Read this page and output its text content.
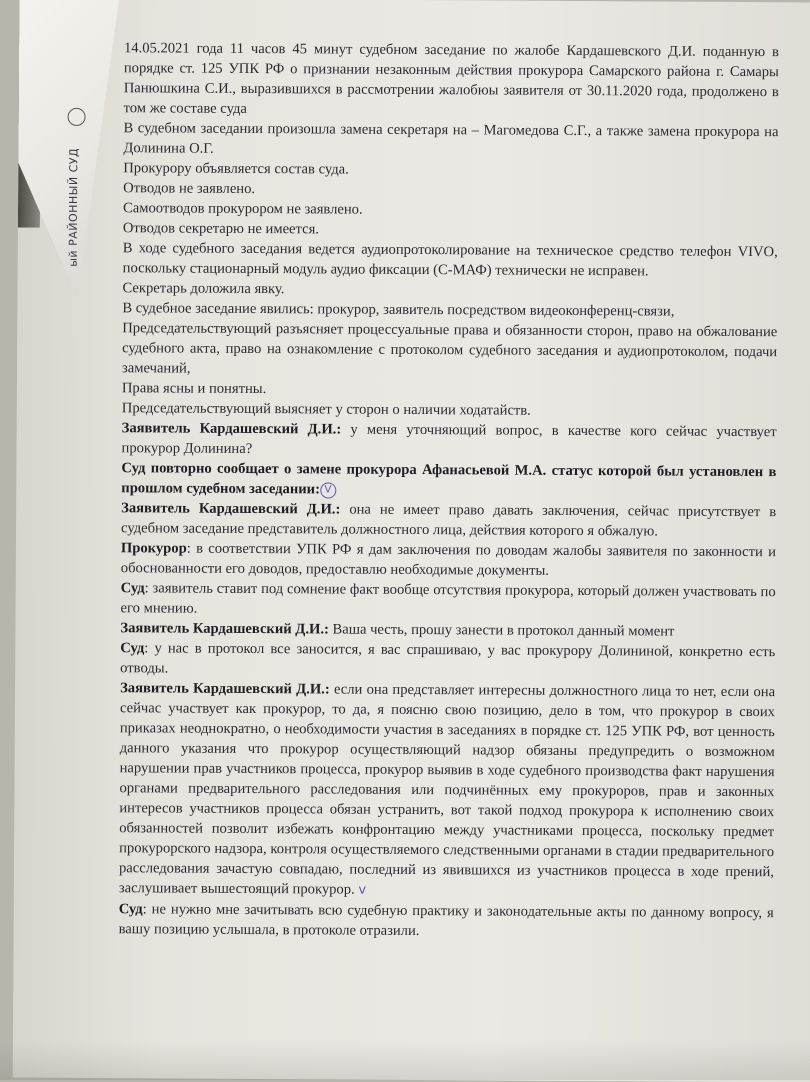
ый РАЙОННЫЙ СУД

14.05.2021 года 11 часов 45 минут судебном заседание по жалобе Кардашевского Д.И. поданную в порядке ст. 125 УПК РФ о признании незаконным действия прокурора Самарского района г. Самары Панюшкина С.И., выразившихся в рассмотрении жалобюы заявителя от 30.11.2020 года, продолжено в том же составе суда

В судебном заседании произошла замена секретаря на – Магомедова С.Г., а также замена прокурора на Долинина О.Г.

Прокурору объявляется состав суда.

Отводов не заявлено.

Самоотводов прокурором не заявлено.

Отводов секретарю не имеется.

В ходе судебного заседания ведется аудиопротоколирование на техническое средство телефон VIVO, поскольку стационарный модуль аудио фиксации (С-МАФ) технически не исправен.

Секретарь доложила явку.

В судебное заседание явились: прокурор, заявитель посредством видеоконференц-связи,

Председательствующий разъясняет процессуальные права и обязанности сторон, право на обжалование судебного акта, право на ознакомление с протоколом судебного заседания и аудиопротоколом, подачи замечаний,

Права ясны и понятны.

Председательствующий выясняет у сторон о наличии ходатайств.

Заявитель Кардашевский Д.И.: у меня уточняющий вопрос, в качестве кого сейчас участвует прокурор Долинина?

Суд повторно сообщает о замене прокурора Афанасьевой М.А. статус которой был установлен в прошлом судебном заседании: V

Заявитель Кардашевский Д.И.: она не имеет право давать заключения, сейчас присутствует в судебном заседание представитель должностного лица, действия которого я обжалую.

Прокурор: в соответствии УПК РФ я дам заключения по доводам жалобы заявителя по законности и обоснованности его доводов, предоставлю необходимые документы.

Суд: заявитель ставит под сомнение факт вообще отсутствия прокурора, который должен участвовать по его мнению.

Заявитель Кардашевский Д.И.: Ваша честь, прошу занести в протокол данный момент

Суд: у нас в протокол все заносится, я вас спрашиваю, у вас прокурору Долининой, конкретно есть отводы.

Заявитель Кардашевский Д.И.: если она представляет интересны должностного лица то нет, если она сейчас участвует как прокурор, то да, я поясню свою позицию, дело в том, что прокурор в своих приказах неоднократно, о необходимости участия в заседаниях в порядке ст. 125 УПК РФ, вот ценность данного указания что прокурор осуществляющий надзор обязаны предупредить о возможном нарушении прав участников процесса, прокурор выявив в ходе судебного производства факт нарушения органами предварительного расследования или подчинённых ему прокуроров, прав и законных интересов участников процесса обязан устранить, вот такой подход прокурора к исполнению своих обязанностей позволит избежать конфронтацию между участниками процесса, поскольку предмет прокурорского надзора, контроля осуществляемого следственными органами в стадии предварительного расследования зачастую совпадаю, последний из явившихся из участников процесса в ходе прений, заслушивает вышестоящий прокурор. v

Суд: не нужно мне зачитывать всю судебную практику и законодательные акты по данному вопросу, я вашу позицию услышала, в протоколе отразили.
